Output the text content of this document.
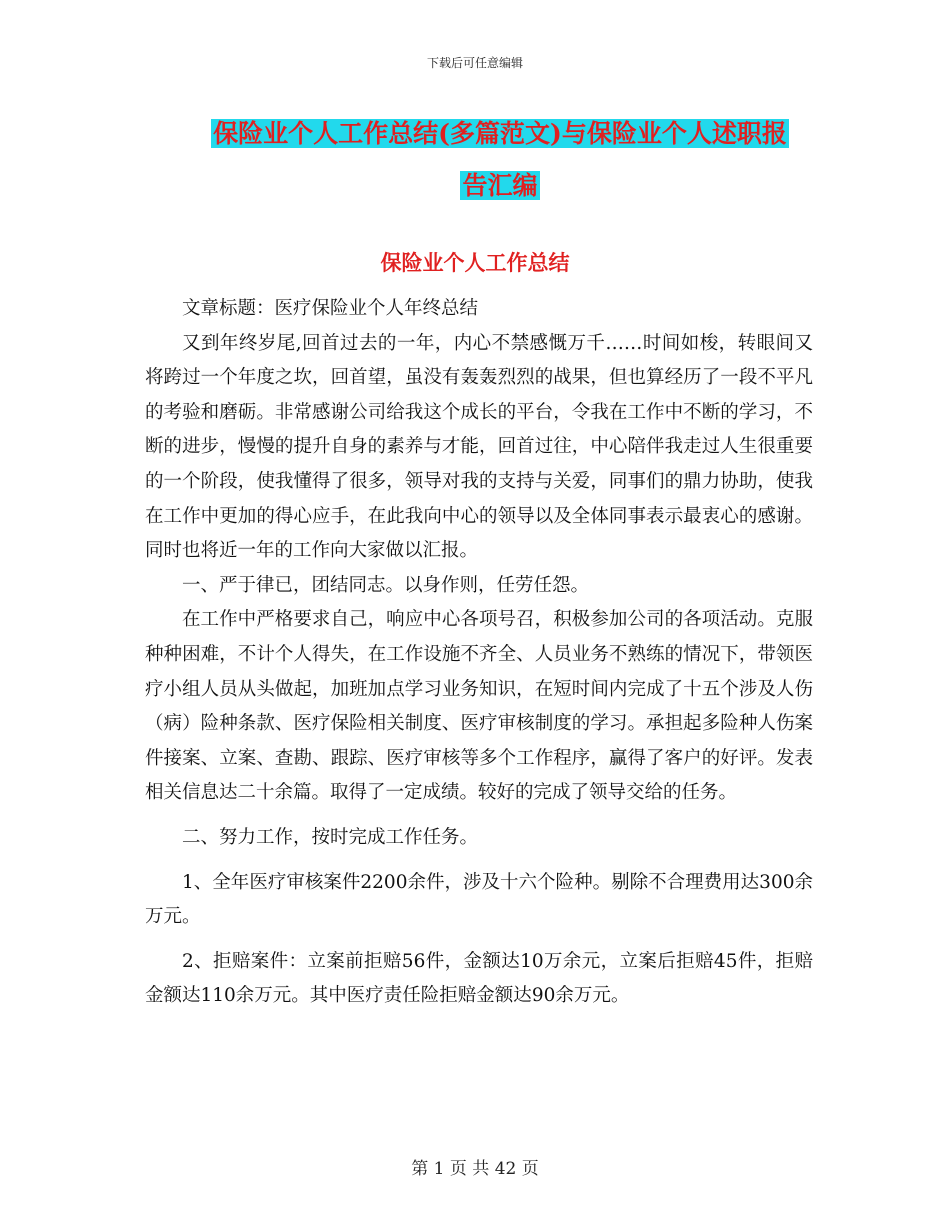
下载后可任意编辑
保险业个人工作总结(多篇范文)与保险业个人述职报
告汇编
保险业个人工作总结

文章标题：医疗保险业个人年终总结

又到年终岁尾,回首过去的一年，内心不禁感慨万千……时间如梭，转眼间又将跨过一个年度之坎，回首望，虽没有轰轰烈烈的战果，但也算经历了一段不平凡的考验和磨砺。非常感谢公司给我这个成长的平台，令我在工作中不断的学习，不断的进步，慢慢的提升自身的素养与才能，回首过往，中心陪伴我走过人生很重要的一个阶段，使我懂得了很多，领导对我的支持与关爱，同事们的鼎力协助，使我在工作中更加的得心应手，在此我向中心的领导以及全体同事表示最衷心的感谢。同时也将近一年的工作向大家做以汇报。

一、严于律已，团结同志。以身作则，任劳任怨。

在工作中严格要求自己，响应中心各项号召，积极参加公司的各项活动。克服种种困难，不计个人得失，在工作设施不齐全、人员业务不熟练的情况下，带领医疗小组人员从头做起，加班加点学习业务知识，在短时间内完成了十五个涉及人伤（病）险种条款、医疗保险相关制度、医疗审核制度的学习。承担起多险种人伤案件接案、立案、查勘、跟踪、医疗审核等多个工作程序，赢得了客户的好评。发表相关信息达二十余篇。取得了一定成绩。较好的完成了领导交给的任务。

二、努力工作，按时完成工作任务。

1、全年医疗审核案件2200余件，涉及十六个险种。剔除不合理费用达300余万元。

2、拒赔案件：立案前拒赔56件，金额达10万余元，立案后拒赔45件，拒赔金额达110余万元。其中医疗责任险拒赔金额达90余万元。

第 1 页 共 42 页
